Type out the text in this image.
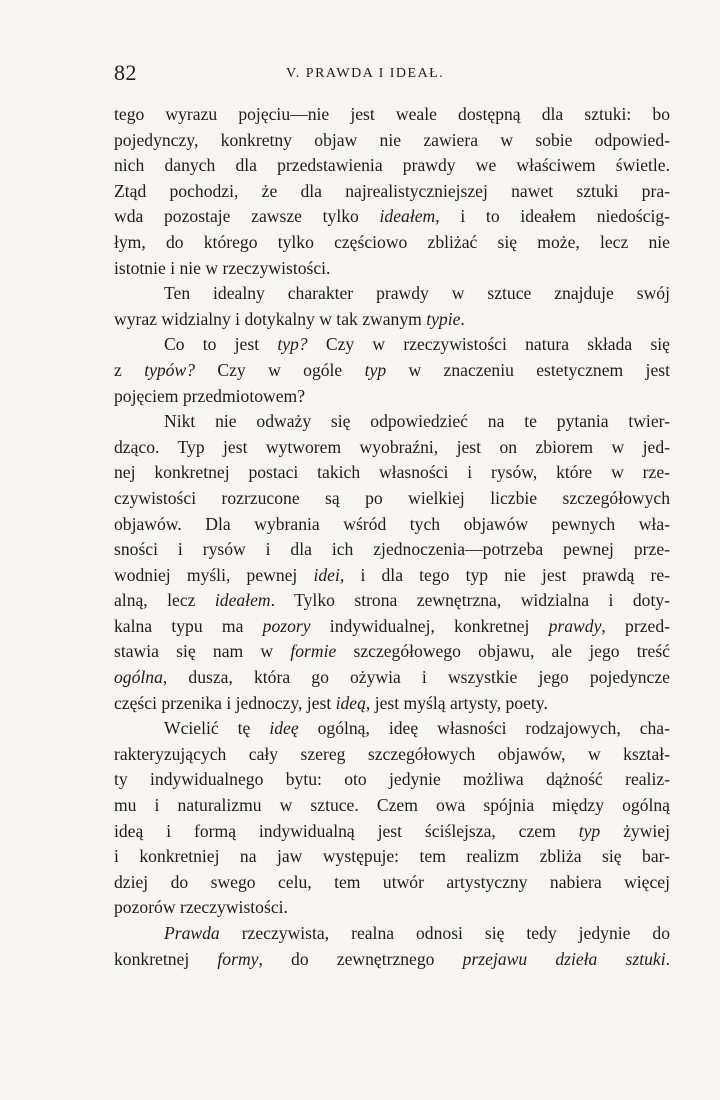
82	V. PRAWDA I IDEAŁ.
tego wyrazu pojęciu—nie jest weale dostępną dla sztuki: bo
pojedynczy, konkretny objaw nie zawiera w sobie odpowied-
nich danych dla przedstawienia prawdy we właściwem świetle.
Ztąd pochodzi, że dla najrealistyczniejszej nawet sztuki pra-
wda pozostaje zawsze tylko ideałem, i to ideałem niedościg-
łym, do którego tylko częściowo zbliżać się może, lecz nie
istotnie i nie w rzeczywistości.
Ten idealny charakter prawdy w sztuce znajduje swój
wyraz widzialny i dotykalny w tak zwanym typie.
Co to jest typ? Czy w rzeczywistości natura składa się
z typów? Czy w ogóle typ w znaczeniu estetycznem jest
pojęciem przedmiotowem?
Nikt nie odważy się odpowiedzieć na te pytania twier-
dząco. Typ jest wytworem wyobraźni, jest on zbiorem w jed-
nej konkretnej postaci takich własności i rysów, które w rze-
czywistości rozrzucone są po wielkiej liczbie szczegółowych
objawów. Dla wybrania wśród tych objawów pewnych wła-
sności i rysów i dla ich zjednoczenia—potrzeba pewnej prze-
wodniej myśli, pewnej idei, i dla tego typ nie jest prawdą re-
alną, lecz ideałem. Tylko strona zewnętrzna, widzialna i doty-
kalna typu ma pozory indywidualnej, konkretnej prawdy, przed-
stawia się nam w formie szczegółowego objawu, ale jego treść
ogólna, dusza, która go ożywia i wszystkie jego pojedyncze
części przenika i jednoczy, jest ideą, jest myślą artysty, poety.
Wcielić tę ideę ogólną, ideę własności rodzajowych, cha-
rakteryzujących cały szereg szczegółowych objawów, w kształ-
ty indywidualnego bytu: oto jedynie możliwa dążność realiz-
mu i naturalizmu w sztuce. Czem owa spójnia między ogólną
ideą i formą indywidualną jest ściślejsza, czem typ żywiej
i konkretniej na jaw występuje: tem realizm zbliża się bar-
dziej do swego celu, tem utwór artystyczny nabiera więcej
pozorów rzeczywistości.
Prawda rzeczywista, realna odnosi się tedy jedynie do
konkretnej formy, do zewnętrznego przejawu dzieła sztuki.
